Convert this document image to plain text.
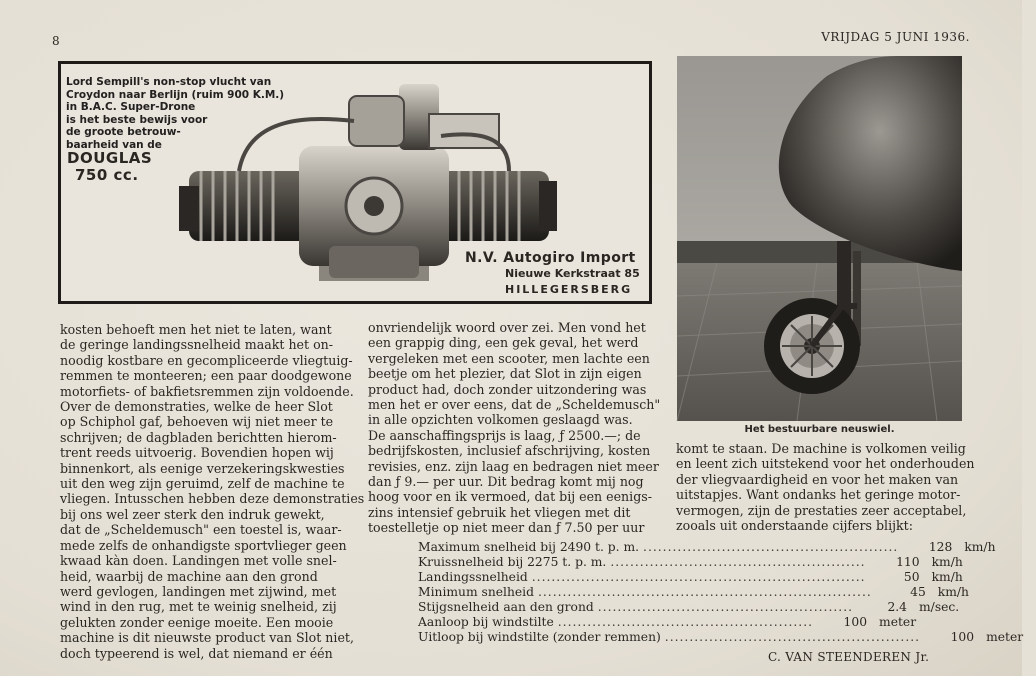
8	VRIJDAG 5 JUNI 1936.
Lord Sempill's non-stop vlucht van
Croydon naar Berlijn (ruim 900 K.M.)
in B.A.C. Super-Drone
is het beste bewijs voor
de groote betrouw-
baarheid van de
DOUGLAS
750 cc.
N.V. Autogiro Import
Nieuwe Kerkstraat 85
HILLEGERSBERG
Het bestuurbare neuswiel.
kosten behoeft men het niet te laten, want
de geringe landingssnelheid maakt het on-
noodig kostbare en gecompliceerde vliegtuig-
remmen te monteeren; een paar doodgewone
motorfiets- of bakfietsremmen zijn voldoende.
Over de demonstraties, welke de heer Slot
op Schiphol gaf, behoeven wij niet meer te
schrijven; de dagbladen berichtten hierom-
trent reeds uitvoerig. Bovendien hopen wij
binnenkort, als eenige verzekeringskwesties
uit den weg zijn geruimd, zelf de machine te
vliegen. Intusschen hebben deze demonstraties
bij ons wel zeer sterk den indruk gewekt,
dat de „Scheldemusch" een toestel is, waar-
mede zelfs de onhandigste sportvlieger geen
kwaad kàn doen. Landingen met volle snel-
heid, waarbij de machine aan den grond
werd gevlogen, landingen met zijwind, met
wind in den rug, met te weinig snelheid, zij
gelukten zonder eenige moeite. Een mooie
machine is dit nieuwste product van Slot niet,
doch typeerend is wel, dat niemand er één
onvriendelijk woord over zei. Men vond het
een grappig ding, een gek geval, het werd
vergeleken met een scooter, men lachte een
beetje om het plezier, dat Slot in zijn eigen
product had, doch zonder uitzondering was
men het er over eens, dat de „Scheldemusch"
in alle opzichten volkomen geslaagd was.
De aanschaffingsprijs is laag, ƒ 2500.—; de
bedrijfskosten, inclusief afschrijving, kosten
revisies, enz. zijn laag en bedragen niet meer
dan ƒ 9.— per uur. Dit bedrag komt mij nog
hoog voor en ik vermoed, dat bij een eenigs-
zins intensief gebruik het vliegen met dit
toestelletje op niet meer dan ƒ 7.50 per uur
komt te staan. De machine is volkomen veilig
en leent zich uitstekend voor het onderhouden
der vliegvaardigheid en voor het maken van
uitstapjes. Want ondanks het geringe motor-
vermogen, zijn de prestaties zeer acceptabel,
zooals uit onderstaande cijfers blijkt:
Maximum snelheid bij 2490 t. p. m. ....................................................	128 km/h
Kruissnelheid bij 2275 t. p. m. ....................................................	110 km/h
Landingssnelheid ....................................................................	50 km/h
Minimum snelheid ....................................................................	45 km/h
Stijgsnelheid aan den grond ....................................................	2.4 m/sec.
Aanloop bij windstilte ....................................................	100 meter
Uitloop bij windstilte (zonder remmen) ....................................................	100 meter
C. VAN STEENDEREN Jr.
